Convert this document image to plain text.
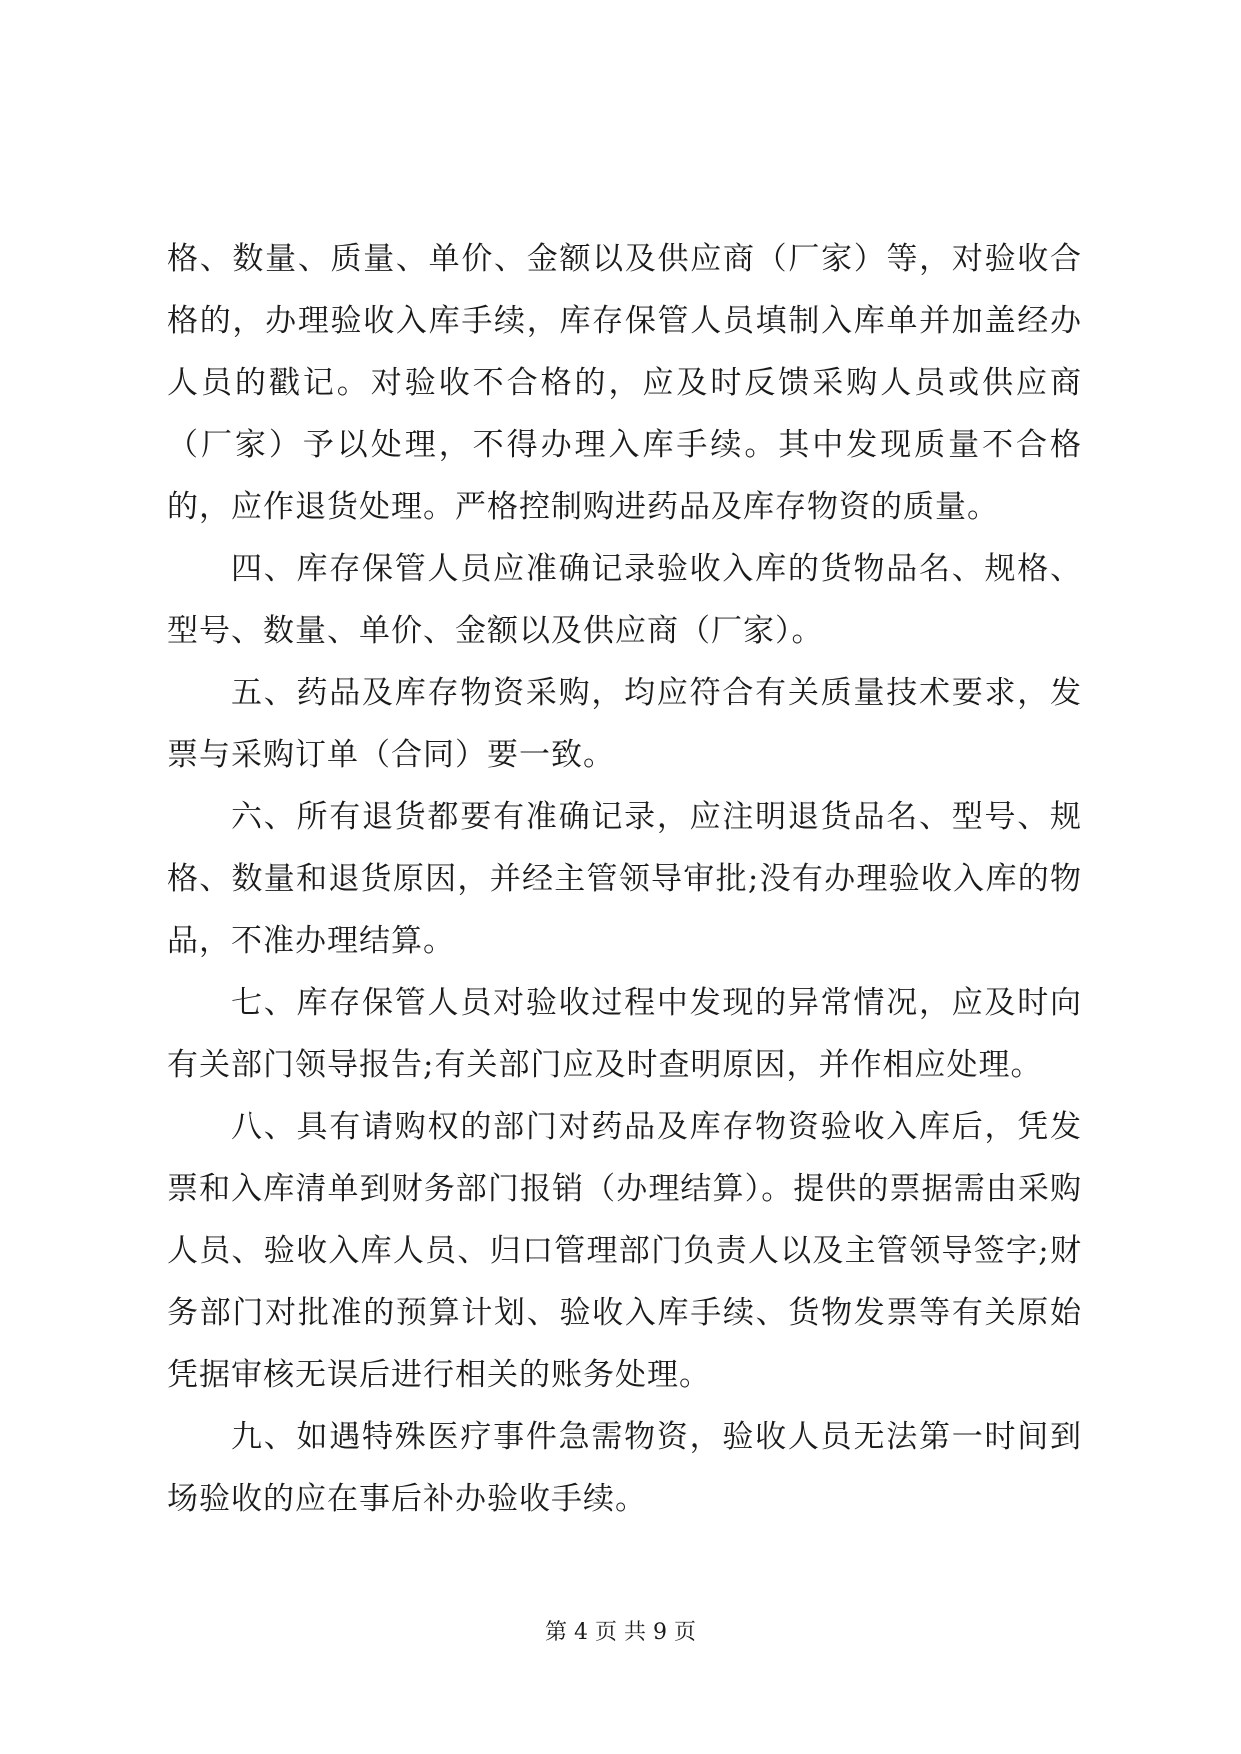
格、数量、质量、单价、金额以及供应商（厂家）等，对验收合格的，办理验收入库手续，库存保管人员填制入库单并加盖经办人员的戳记。对验收不合格的，应及时反馈采购人员或供应商（厂家）予以处理，不得办理入库手续。其中发现质量不合格的，应作退货处理。严格控制购进药品及库存物资的质量。

四、库存保管人员应准确记录验收入库的货物品名、规格、型号、数量、单价、金额以及供应商（厂家）。

五、药品及库存物资采购，均应符合有关质量技术要求，发票与采购订单（合同）要一致。

六、所有退货都要有准确记录，应注明退货品名、型号、规格、数量和退货原因，并经主管领导审批;没有办理验收入库的物品，不准办理结算。

七、库存保管人员对验收过程中发现的异常情况，应及时向有关部门领导报告;有关部门应及时查明原因，并作相应处理。

八、具有请购权的部门对药品及库存物资验收入库后，凭发票和入库清单到财务部门报销（办理结算）。提供的票据需由采购人员、验收入库人员、归口管理部门负责人以及主管领导签字;财务部门对批准的预算计划、验收入库手续、货物发票等有关原始凭据审核无误后进行相关的账务处理。

九、如遇特殊医疗事件急需物资，验收人员无法第一时间到场验收的应在事后补办验收手续。

第 4 页 共 9 页
